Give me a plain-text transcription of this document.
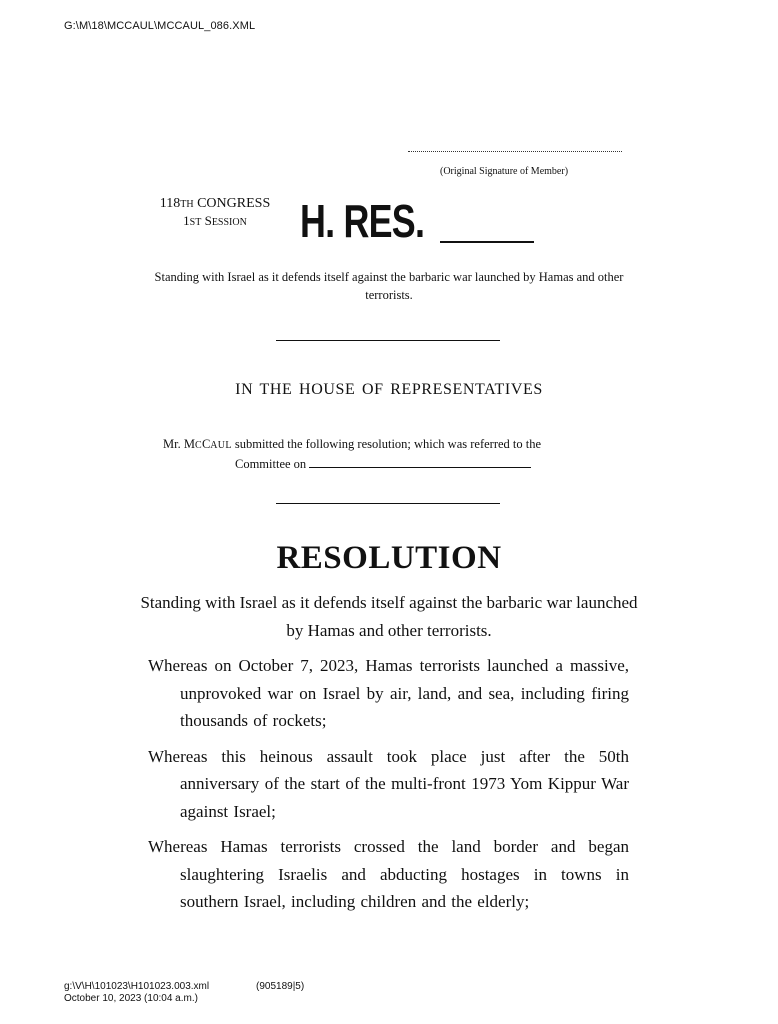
G:\M\18\MCCAUL\MCCAUL_086.XML
(Original Signature of Member)
118TH CONGRESS
1ST SESSION	H. RES.
Standing with Israel as it defends itself against the barbaric war launched by Hamas and other terrorists.
IN THE HOUSE OF REPRESENTATIVES
Mr. MCCAUL submitted the following resolution; which was referred to the
Committee on
RESOLUTION
Standing with Israel as it defends itself against the barbaric war launched by Hamas and other terrorists.
Whereas on October 7, 2023, Hamas terrorists launched a massive, unprovoked war on Israel by air, land, and sea, including firing thousands of rockets;
Whereas this heinous assault took place just after the 50th anniversary of the start of the multi-front 1973 Yom Kippur War against Israel;
Whereas Hamas terrorists crossed the land border and began slaughtering Israelis and abducting hostages in towns in southern Israel, including children and the elderly;
g:\V\H\101023\H101023.003.xml	(905189|5)
October 10, 2023 (10:04 a.m.)
